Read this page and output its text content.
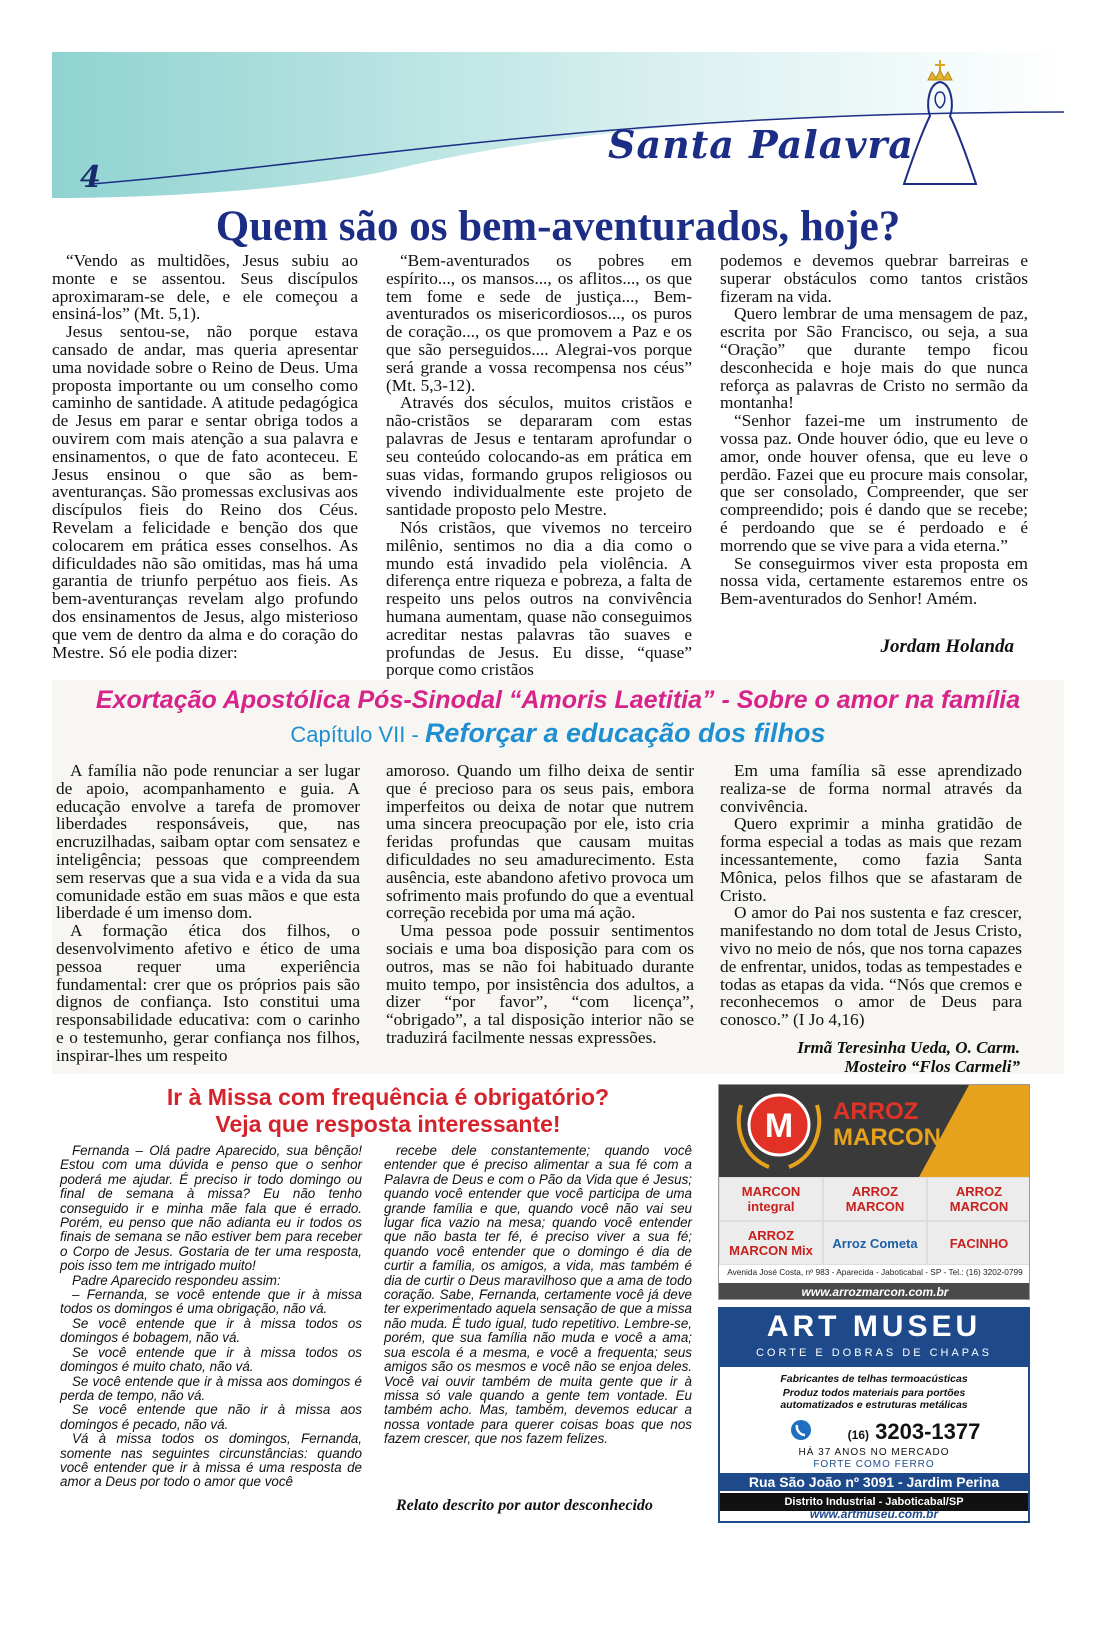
4
Santa Palavra
Quem são os bem-aventurados, hoje?

“Vendo as multidões, Jesus subiu ao monte e se assentou. Seus discípulos aproximaram-se dele, e ele começou a ensiná-los” (Mt. 5,1).

Jesus sentou-se, não porque estava cansado de andar, mas queria apresentar uma novidade sobre o Reino de Deus. Uma proposta importante ou um conselho como caminho de santidade. A atitude pedagógica de Jesus em parar e sentar obriga todos a ouvirem com mais atenção a sua palavra e ensinamentos, o que de fato aconteceu. E Jesus ensinou o que são as bem-aventuranças. São promessas exclusivas aos discípulos fieis do Reino dos Céus. Revelam a felicidade e benção dos que colocarem em prática esses conselhos. As dificuldades não são omitidas, mas há uma garantia de triunfo perpétuo aos fieis. As bem-aventuranças revelam algo profundo dos ensinamentos de Jesus, algo misterioso que vem de dentro da alma e do coração do Mestre. Só ele podia dizer:

“Bem-aventurados os pobres em espírito..., os mansos..., os aflitos..., os que tem fome e sede de justiça..., Bem-aventurados os misericordiosos..., os puros de coração..., os que promovem a Paz e os que são perseguidos.... Alegrai-vos porque será grande a vossa recompensa nos céus” (Mt. 5,3-12).

Através dos séculos, muitos cristãos e não-cristãos se depararam com estas palavras de Jesus e tentaram aprofundar o seu conteúdo colocando-as em prática em suas vidas, formando grupos religiosos ou vivendo individualmente este projeto de santidade proposto pelo Mestre.

Nós cristãos, que vivemos no terceiro milênio, sentimos no dia a dia como o mundo está invadido pela violência. A diferença entre riqueza e pobreza, a falta de respeito uns pelos outros na convivência humana aumentam, quase não conseguimos acreditar nestas palavras tão suaves e profundas de Jesus. Eu disse, “quase” porque como cristãos

podemos e devemos quebrar barreiras e superar obstáculos como tantos cristãos fizeram na vida.

Quero lembrar de uma mensagem de paz, escrita por São Francisco, ou seja, a sua “Oração” que durante tempo ficou desconhecida e hoje mais do que nunca reforça as palavras de Cristo no sermão da montanha!

“Senhor fazei-me um instrumento de vossa paz. Onde houver ódio, que eu leve o amor, onde houver ofensa, que eu leve o perdão. Fazei que eu procure mais consolar, que ser consolado, Compreender, que ser compreendido; pois é dando que se recebe; é perdoando que se é perdoado e é morrendo que se vive para a vida eterna.”

Se conseguirmos viver esta proposta em nossa vida, certamente estaremos entre os Bem-aventurados do Senhor! Amém.

Jordam Holanda
Exortação Apostólica Pós-Sinodal “Amoris Laetitia” - Sobre o amor na família
Capítulo VII - Reforçar a educação dos filhos

A família não pode renunciar a ser lugar de apoio, acompanhamento e guia. A educação envolve a tarefa de promover liberdades responsáveis, que, nas encruzilhadas, saibam optar com sensatez e inteligência; pessoas que compreendem sem reservas que a sua vida e a vida da sua comunidade estão em suas mãos e que esta liberdade é um imenso dom.

A formação ética dos filhos, o desenvolvimento afetivo e ético de uma pessoa requer uma experiência fundamental: crer que os próprios pais são dignos de confiança. Isto constitui uma responsabilidade educativa: com o carinho e o testemunho, gerar confiança nos filhos, inspirar-lhes um respeito

amoroso. Quando um filho deixa de sentir que é precioso para os seus pais, embora imperfeitos ou deixa de notar que nutrem uma sincera preocupação por ele, isto cria feridas profundas que causam muitas dificuldades no seu amadurecimento. Esta ausência, este abandono afetivo provoca um sofrimento mais profundo do que a eventual correção recebida por uma má ação.

Uma pessoa pode possuir sentimentos sociais e uma boa disposição para com os outros, mas se não foi habituado durante muito tempo, por insistência dos adultos, a dizer “por favor”, “com licença”, “obrigado”, a tal disposição interior não se traduzirá facilmente nessas expressões.

Em uma família sã esse aprendizado realiza-se de forma normal através da convivência.

Quero exprimir a minha gratidão de forma especial a todas as mais que rezam incessantemente, como fazia Santa Mônica, pelos filhos que se afastaram de Cristo.

O amor do Pai nos sustenta e faz crescer, manifestando no dom total de Jesus Cristo, vivo no meio de nós, que nos torna capazes de enfrentar, unidos, todas as tempestades e todas as etapas da vida. “Nós que cremos e reconhecemos o amor de Deus para conosco.” (I Jo 4,16)

Irmã Teresinha Ueda, O. Carm.
Mosteiro “Flos Carmeli”
Ir à Missa com frequência é obrigatório?
Veja que resposta interessante!

Fernanda – Olá padre Aparecido, sua bênção! Estou com uma dúvida e penso que o senhor poderá me ajudar. É preciso ir todo domingo ou final de semana à missa? Eu não tenho conseguido ir e minha mãe fala que é errado. Porém, eu penso que não adianta eu ir todos os finais de semana se não estiver bem para receber o Corpo de Jesus. Gostaria de ter uma resposta, pois isso tem me intrigado muito!

Padre Aparecido respondeu assim:

– Fernanda, se você entende que ir à missa todos os domingos é uma obrigação, não vá.

Se você entende que ir à missa todos os domingos é bobagem, não vá.

Se você entende que ir à missa todos os domingos é muito chato, não vá.

Se você entende que ir à missa aos domingos é perda de tempo, não vá.

Se você entende que não ir à missa aos domingos é pecado, não vá.

Vá à missa todos os domingos, Fernanda, somente nas seguintes circunstâncias: quando você entender que ir à missa é uma resposta de amor a Deus por todo o amor que você

recebe dele constantemente; quando você entender que é preciso alimentar a sua fé com a Palavra de Deus e com o Pão da Vida que é Jesus; quando você entender que você participa de uma grande família e que, quando você não vai seu lugar fica vazio na mesa; quando você entender que não basta ter fé, é preciso viver a sua fé; quando você entender que o domingo é dia de curtir a família, os amigos, a vida, mas também é dia de curtir o Deus maravilhoso que a ama de todo coração. Sabe, Fernanda, certamente você já deve ter experimentado aquela sensação de que a missa não muda. É tudo igual, tudo repetitivo. Lembre-se, porém, que sua família não muda e você a ama; sua escola é a mesma, e você a frequenta; seus amigos são os mesmos e você não se enjoa deles. Você vai ouvir também de muita gente que ir à missa só vale quando a gente tem vontade. Eu também acho. Mas, também, devemos educar a nossa vontade para querer coisas boas que nos fazem crescer, que nos fazem felizes.

Relato descrito por autor desconhecido
M ARROZ
MARCON
MARCON integral
ARROZ MARCON
ARROZ MARCON
ARROZ MARCON Mix	Arroz Cometa	FACINHO
Avenida José Costa, nº 983 - Aparecida - Jaboticabal - SP - Tel.: (16) 3202-0799
www.arrozmarcon.com.br
ART MUSEU
CORTE E DOBRAS DE CHAPAS
Fabricantes de telhas termoacústicas
Produz todos materiais para portões
automatizados e estruturas metálicas
(16) 3203-1377
HÁ 37 ANOS NO MERCADO
FORTE COMO FERRO
Rua São João nº 3091 - Jardim Perina
Distrito Industrial - Jaboticabal/SP
www.artmuseu.com.br
